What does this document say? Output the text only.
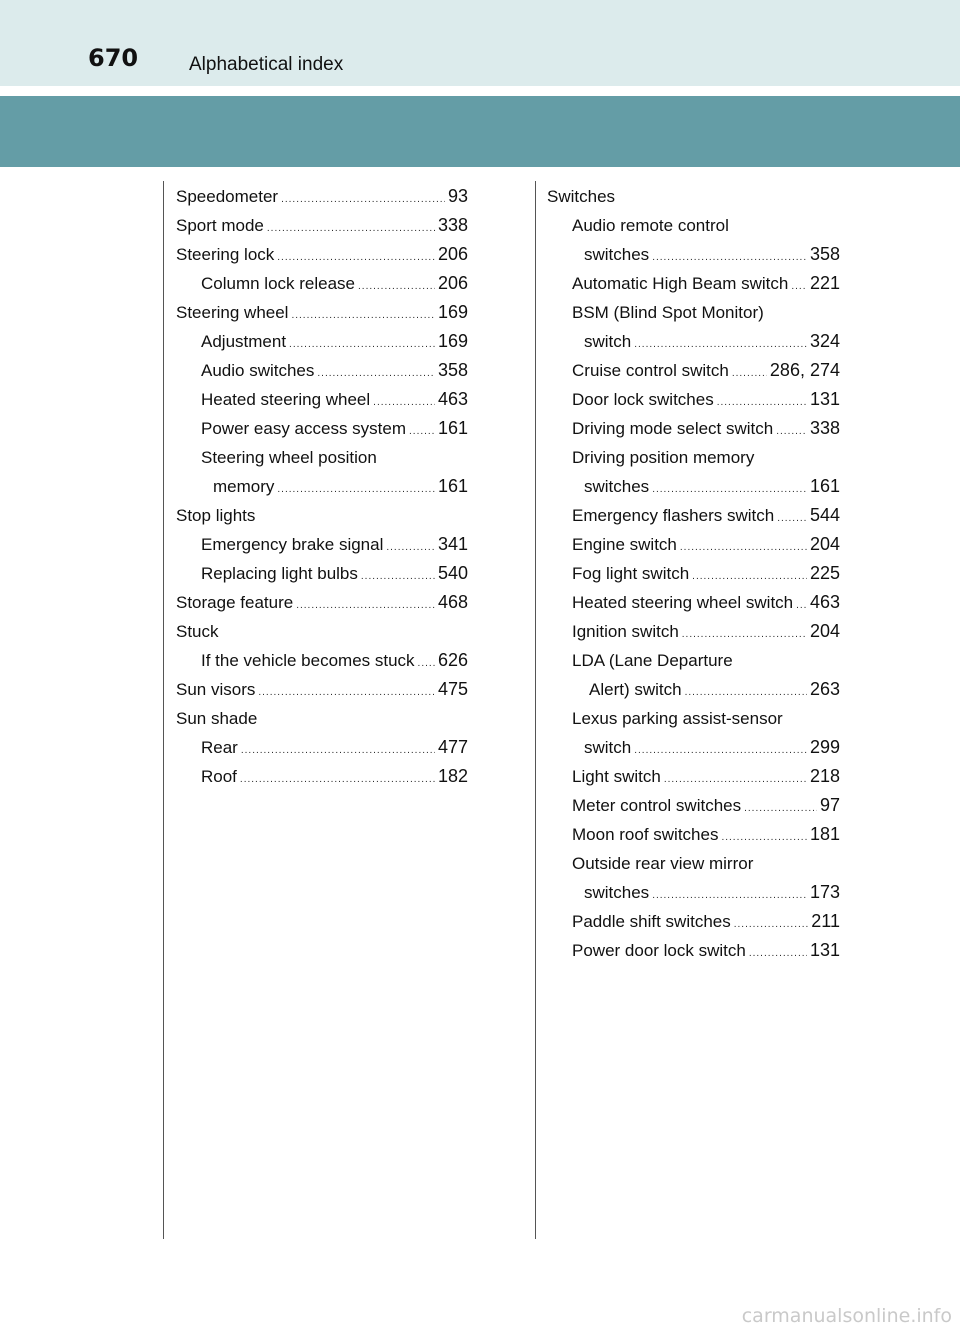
670	Alphabetical index
Speedometer .....	93
Sport mode .....	338
Steering lock .....	206
Column lock release .....	206
Steering wheel .....	169
Adjustment .....	169
Audio switches .....	358
Heated steering wheel .....	463
Power easy access system ..... 161
Steering wheel position
memory .....	161
Stop lights
Emergency brake signal .....	341
Replacing light bulbs .....	540
Storage feature .....	468
Stuck
If the vehicle becomes stuck ..... 626
Sun visors .....	475
Sun shade
Rear .....	477
Roof .....	182
Switches
Audio remote control
switches .....	358
Automatic High Beam switch ..... 221
BSM (Blind Spot Monitor)
switch .....	324
Cruise control switch ..... 286, 274
Door lock switches .....	131
Driving mode select switch ..... 338
Driving position memory
switches .....	161
Emergency flashers switch ..... 544
Engine switch .....	204
Fog light switch .....	225
Heated steering wheel switch ..... 463
Ignition switch .....	204
LDA (Lane Departure
Alert) switch .....	263
Lexus parking assist-sensor
switch .....	299
Light switch .....	218
Meter control switches .....	97
Moon roof switches .....	181
Outside rear view mirror
switches .....	173
Paddle shift switches .....	211
Power door lock switch .....	131
carmanualsonline.info
